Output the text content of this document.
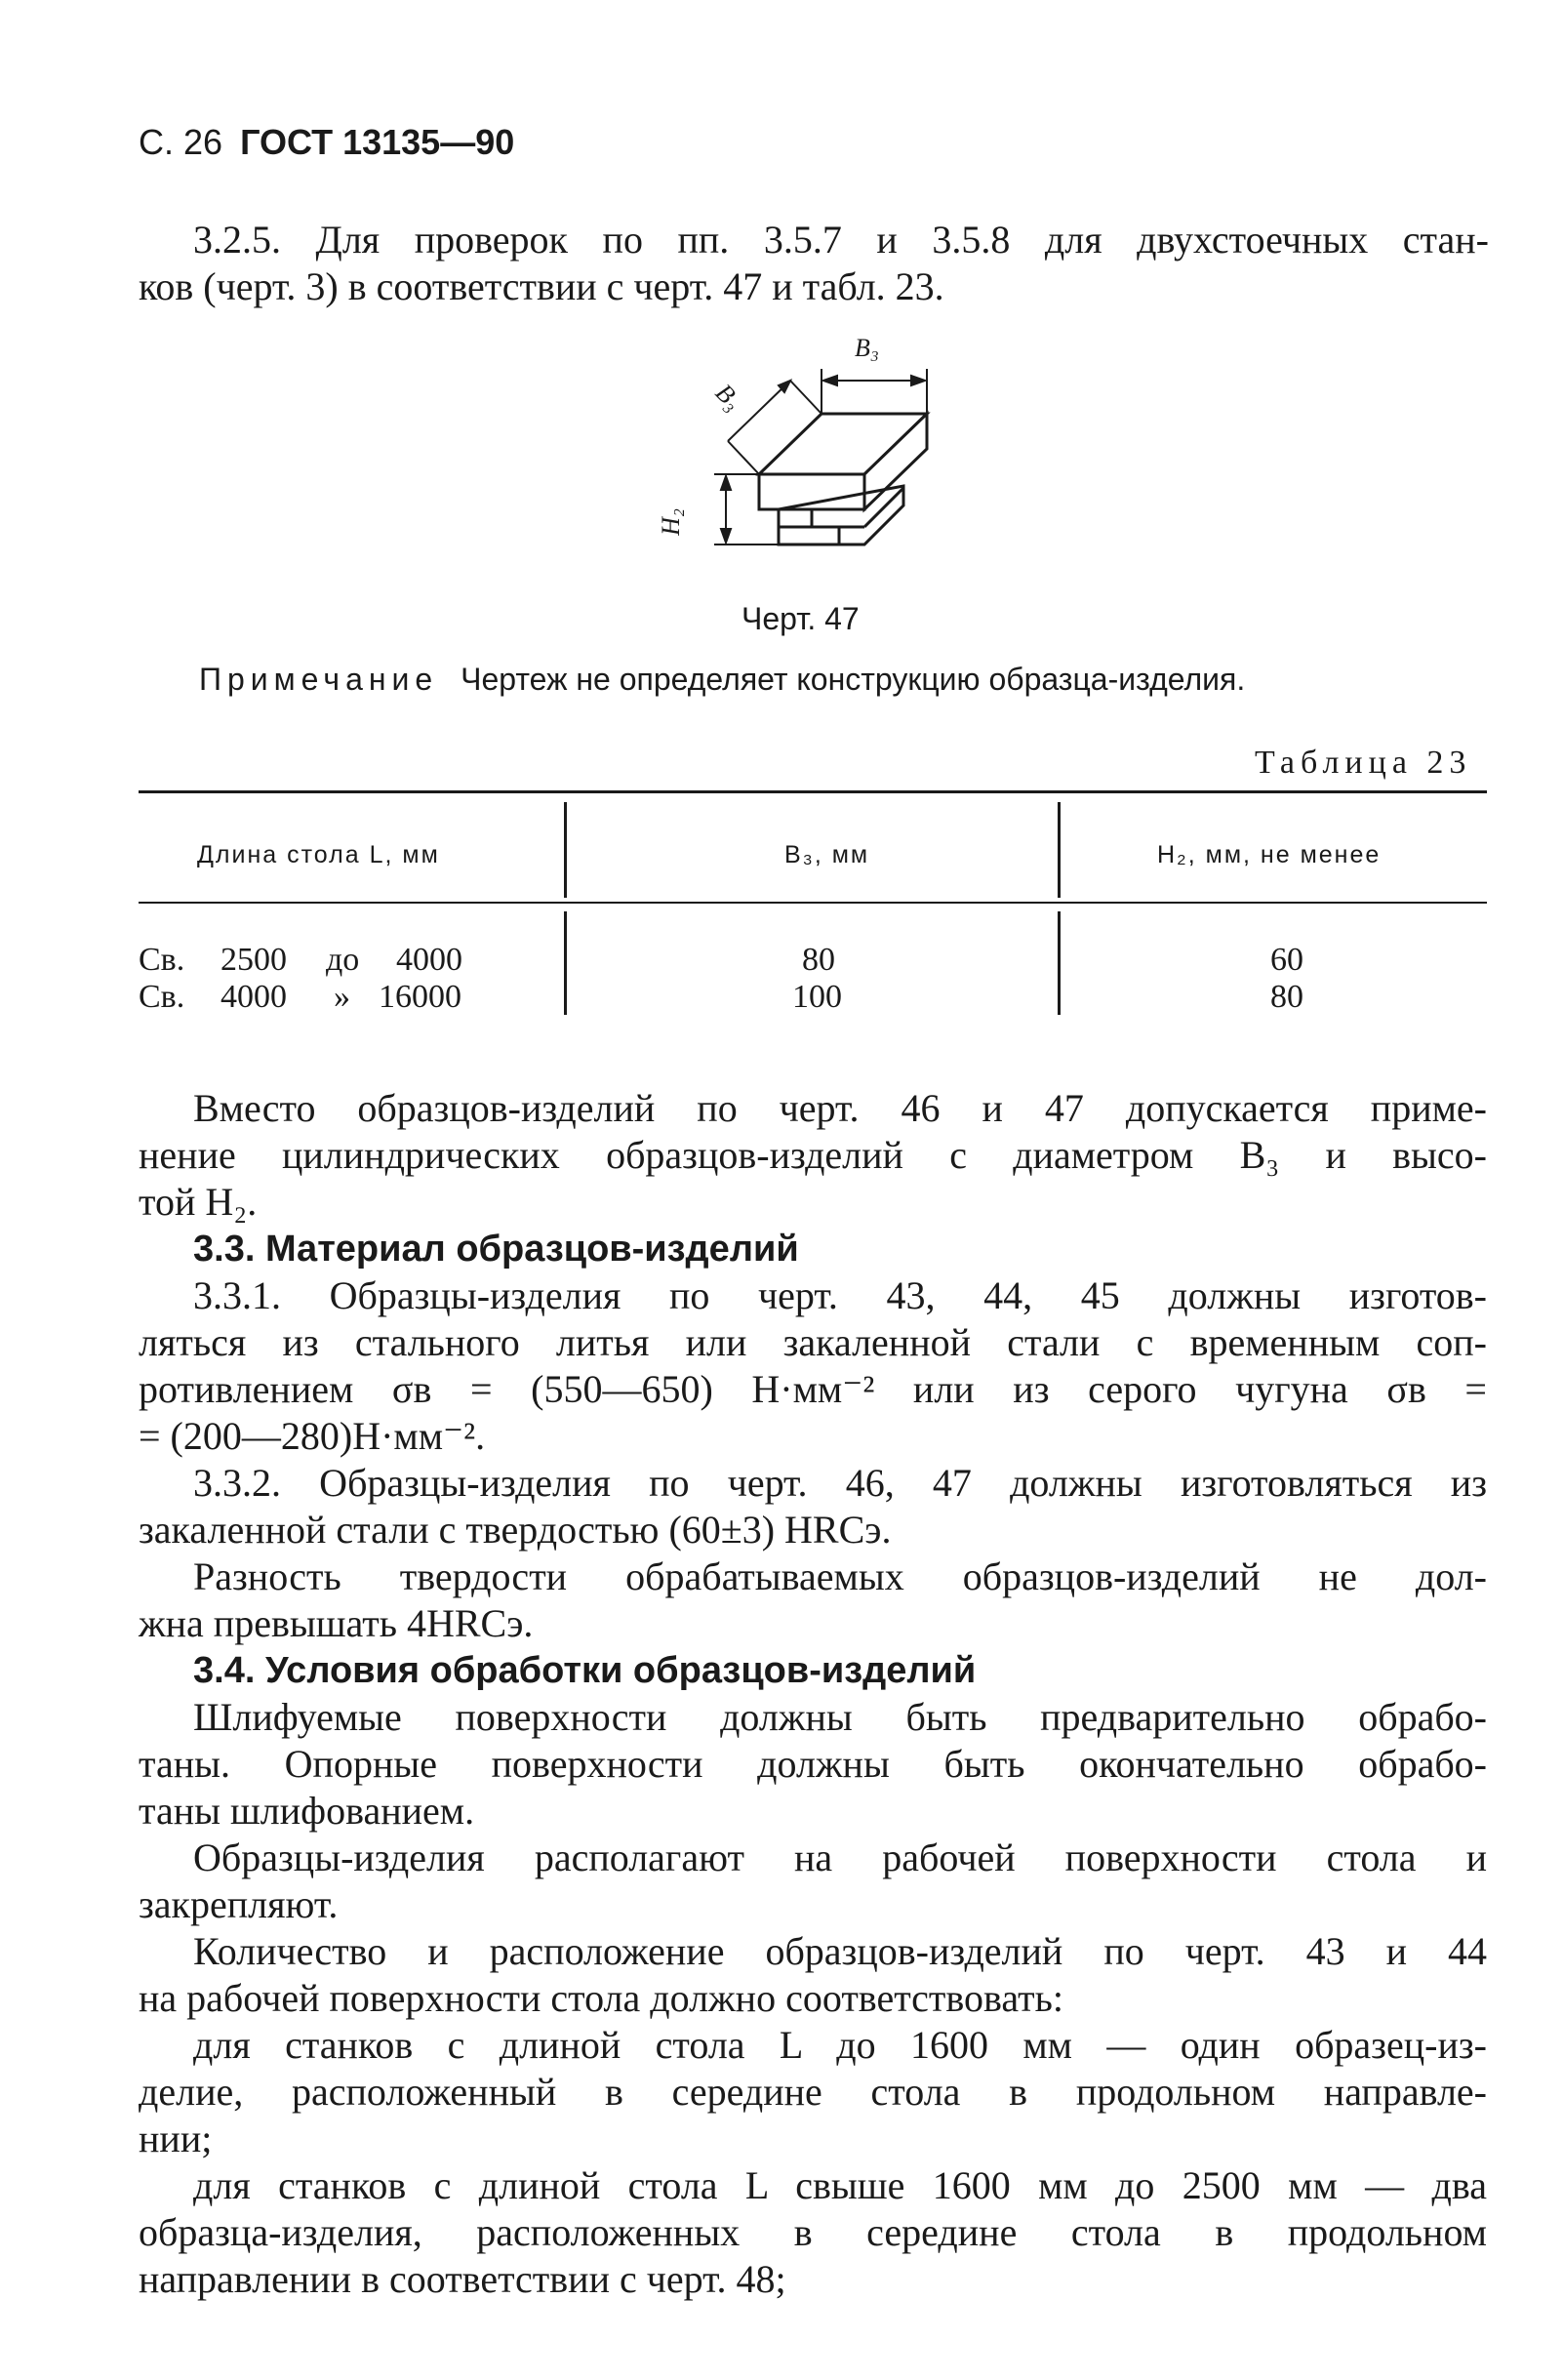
С. 26 ГОСТ 13135—90
3.2.5. Для проверок по пп. 3.5.7 и 3.5.8 для двухстоечных стан-
ков (черт. 3) в соответствии с черт. 47 и табл. 23.
B₃
B₃
H₂
Черт. 47
Примечание Чертеж не определяет конструкцию образца-изделия.
Таблица 23
Длина стола L, мм	B₃, мм	H₂, мм, не менее
Св. 2500 до 4000	80	60
Св. 4000 » 16000	100	80
Вместо образцов-изделий по черт. 46 и 47 допускается приме-
нение цилиндрических образцов-изделий с диаметром B₃ и высо-
той H₂.
3.3. Материал образцов-изделий
3.3.1. Образцы-изделия по черт. 43, 44, 45 должны изготов-
ляться из стального литья или закаленной стали с временным соп-
ротивлением σв = (550—650) Н·мм⁻² или из серого чугуна σв =
= (200—280)Н·мм⁻².
3.3.2. Образцы-изделия по черт. 46, 47 должны изготовляться из
закаленной стали с твердостью (60±3) HRCэ.
Разность твердости обрабатываемых образцов-изделий не дол-
жна превышать 4HRCэ.
3.4. Условия обработки образцов-изделий
Шлифуемые поверхности должны быть предварительно обрабо-
таны. Опорные поверхности должны быть окончательно обрабо-
таны шлифованием.
Образцы-изделия располагают на рабочей поверхности стола и
закрепляют.
Количество и расположение образцов-изделий по черт. 43 и 44
на рабочей поверхности стола должно соответствовать:
для станков с длиной стола L до 1600 мм — один образец-из-
делие, расположенный в середине стола в продольном направле-
нии;
для станков с длиной стола L свыше 1600 мм до 2500 мм — два
образца-изделия, расположенных в середине стола в продольном
направлении в соответствии с черт. 48;
